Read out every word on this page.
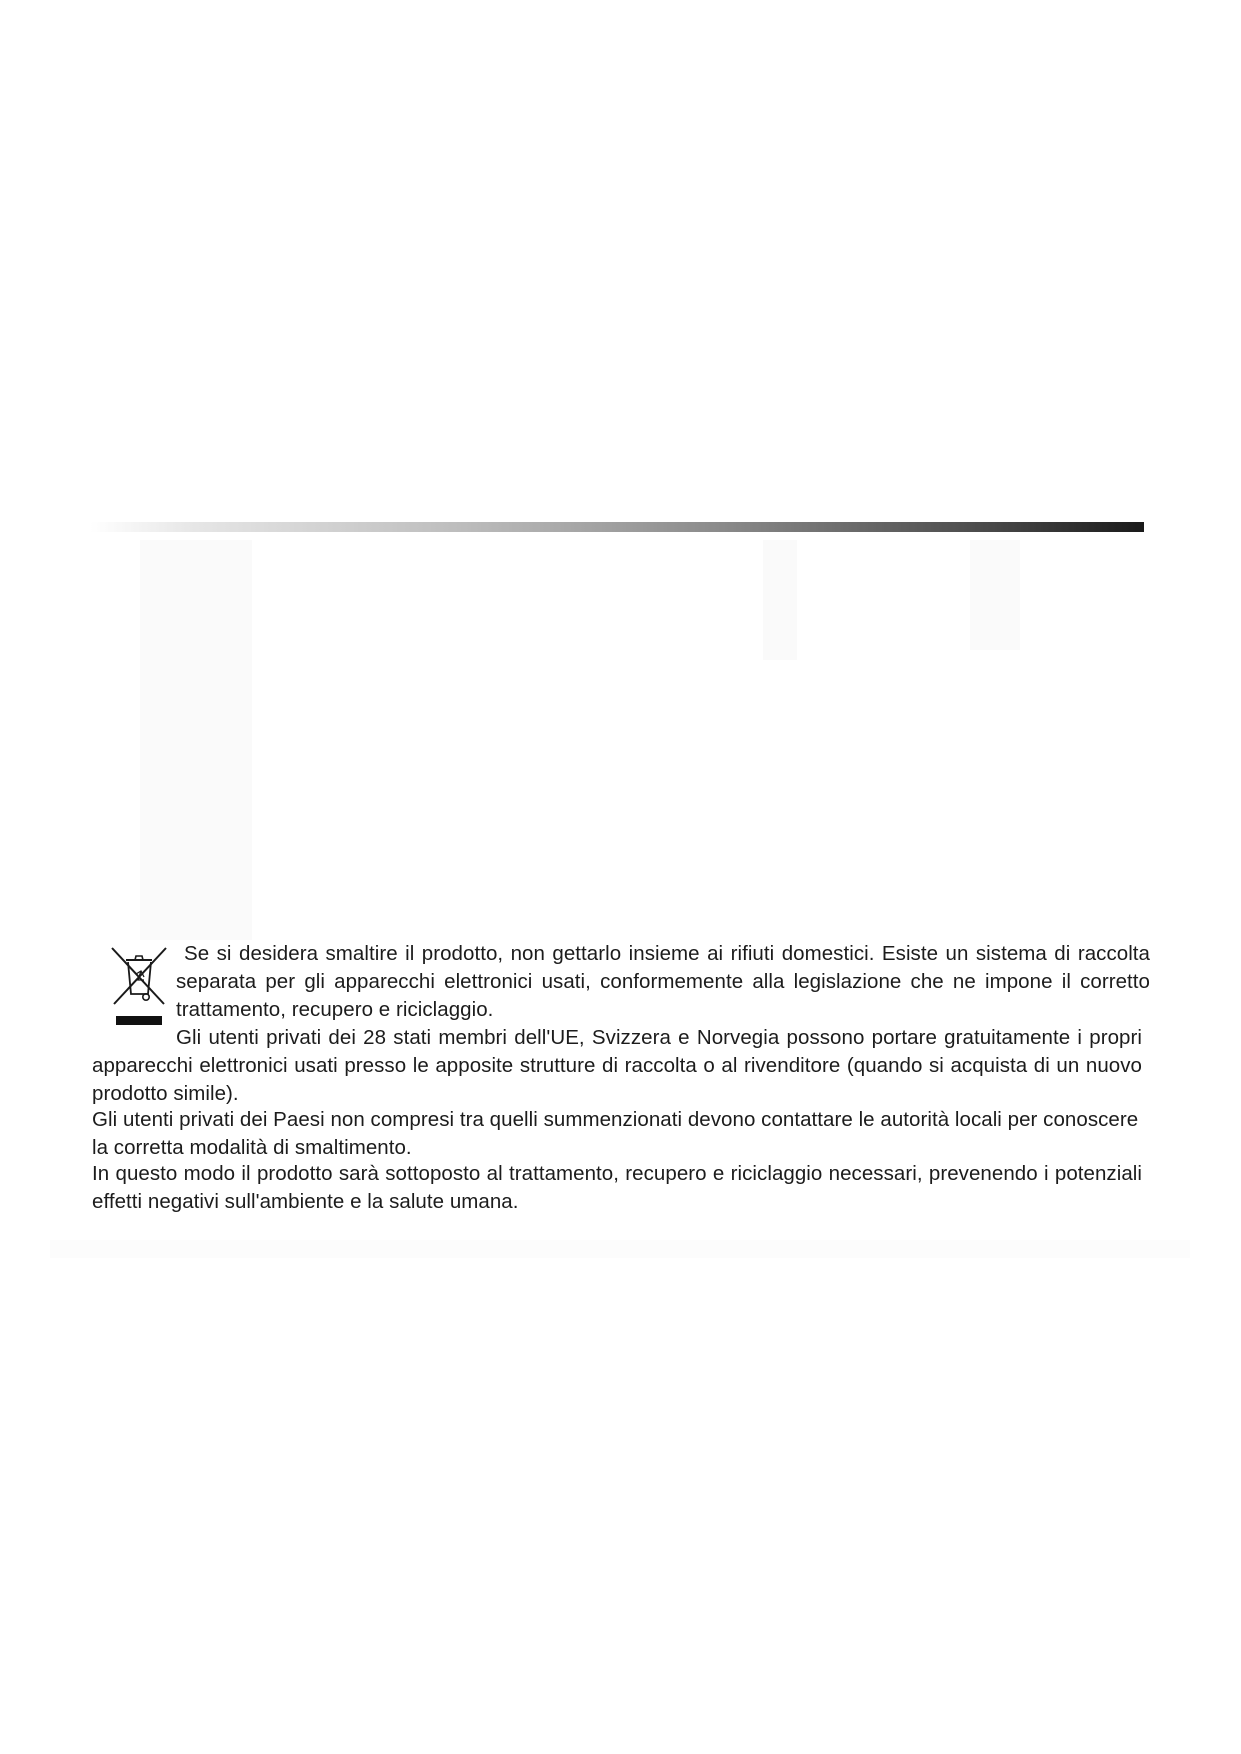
Se si desidera smaltire il prodotto, non gettarlo insieme ai rifiuti domestici. Esiste un sistema di raccolta separata per gli apparecchi elettronici usati, conformemente alla legislazione che ne impone il corretto trattamento, recupero e riciclaggio.

Gli utenti privati dei 28 stati membri dell'UE, Svizzera e Norvegia possono portare gratuitamente i propri apparecchi elettronici usati presso le apposite strutture di raccolta o al rivenditore (quando si acquista di un nuovo prodotto simile).

Gli utenti privati dei Paesi non compresi tra quelli summenzionati devono contattare le autorità locali per conoscere la corretta modalità di smaltimento.

In questo modo il prodotto sarà sottoposto al trattamento, recupero e riciclaggio necessari, prevenendo i potenziali effetti negativi sull'ambiente e la salute umana.
